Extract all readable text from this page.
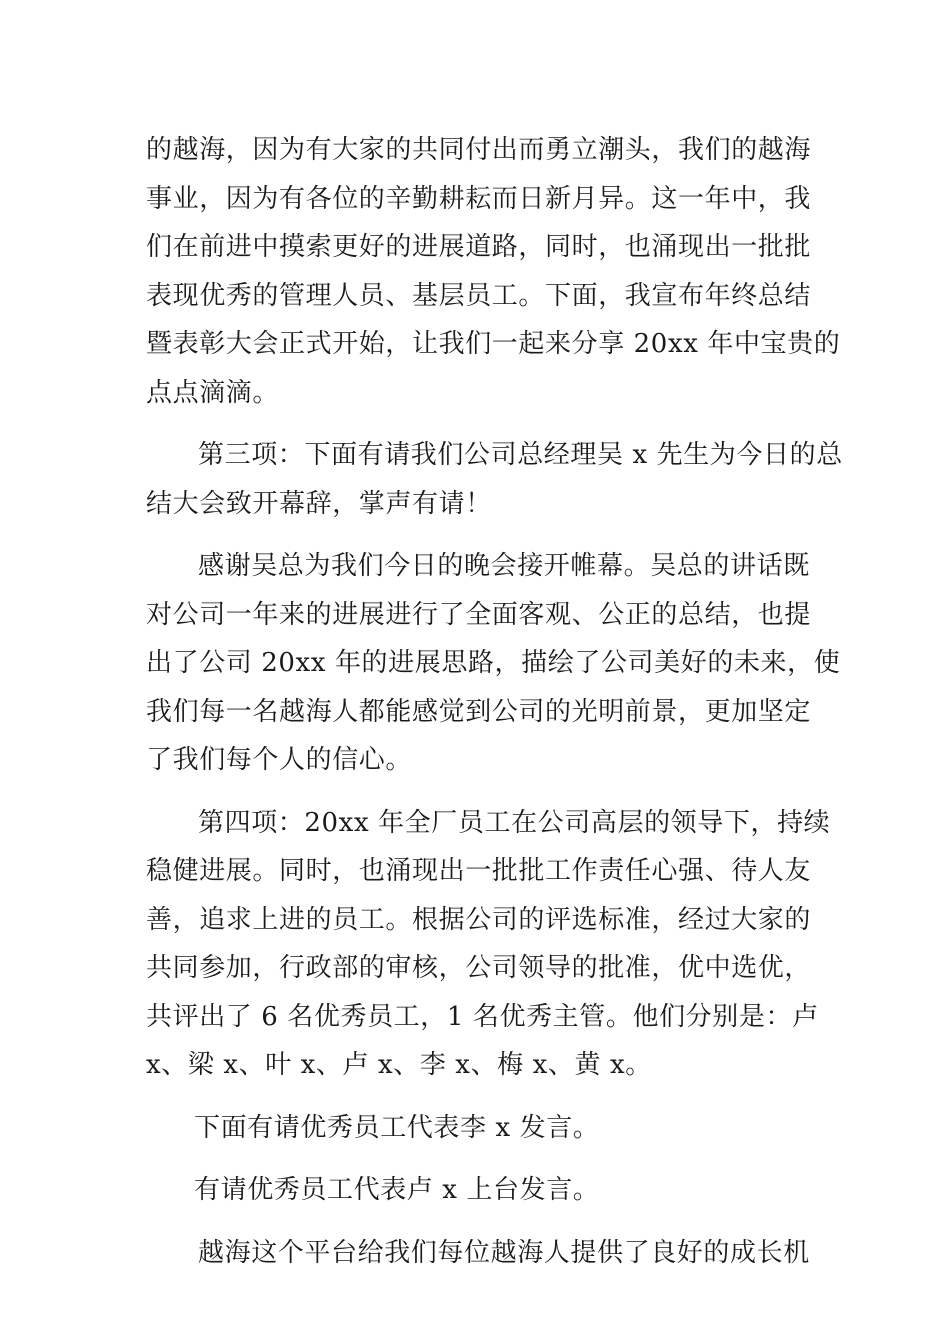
的越海，因为有大家的共同付出而勇立潮头，我们的越海
事业，因为有各位的辛勤耕耘而日新月异。这一年中，我
们在前进中摸索更好的进展道路，同时，也涌现出一批批
表现优秀的管理人员、基层员工。下面，我宣布年终总结
暨表彰大会正式开始，让我们一起来分享 20xx 年中宝贵的
点点滴滴。
第三项：下面有请我们公司总经理吴 x 先生为今日的总
结大会致开幕辞，掌声有请！
感谢吴总为我们今日的晚会接开帷幕。吴总的讲话既
对公司一年来的进展进行了全面客观、公正的总结，也提
出了公司 20xx 年的进展思路，描绘了公司美好的未来，使
我们每一名越海人都能感觉到公司的光明前景，更加坚定
了我们每个人的信心。
第四项：20xx 年全厂员工在公司高层的领导下，持续
稳健进展。同时，也涌现出一批批工作责任心强、待人友
善，追求上进的员工。根据公司的评选标准，经过大家的
共同参加，行政部的审核，公司领导的批准，优中选优，
共评出了 6 名优秀员工，1 名优秀主管。他们分别是：卢
x、梁 x、叶 x、卢 x、李 x、梅 x、黄 x。
下面有请优秀员工代表李 x 发言。
有请优秀员工代表卢 x 上台发言。
越海这个平台给我们每位越海人提供了良好的成长机
